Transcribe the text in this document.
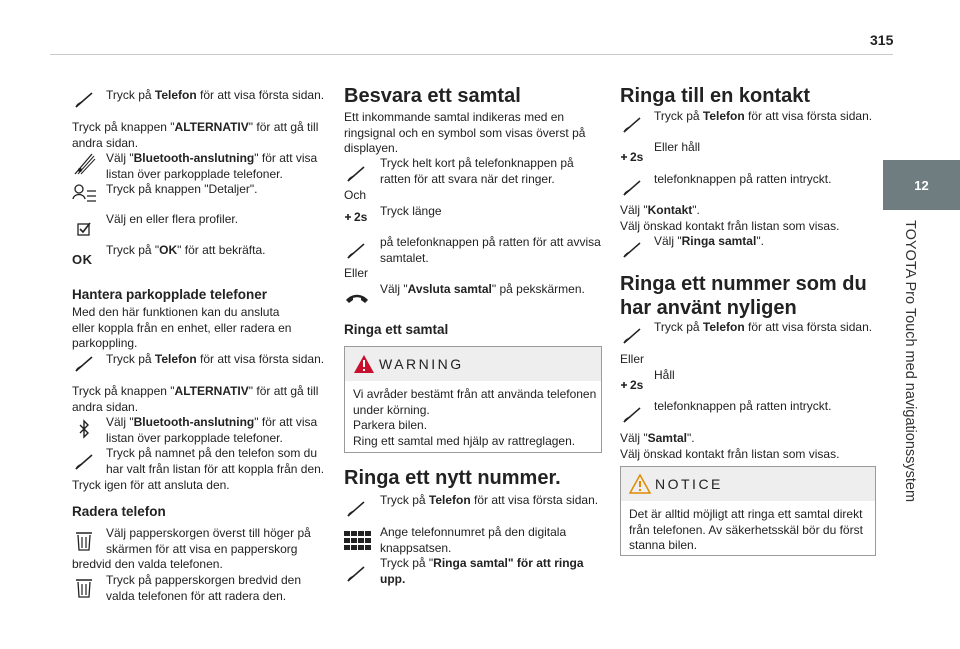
315
12
TOYOTA Pro Touch med navigationssystem
Tryck på Telefon för att visa första sidan.
Tryck på knappen "ALTERNATIV" för att gå till
andra sidan.
Välj "Bluetooth-anslutning" för att visa
listan över parkopplade telefoner.
Tryck på knappen "Detaljer".
Välj en eller flera profiler.
OK
Tryck på "OK" för att bekräfta.
Hantera parkopplade telefoner
Med den här funktionen kan du ansluta
eller koppla från en enhet, eller radera en
parkoppling.
Tryck på Telefon för att visa första sidan.
Tryck på knappen "ALTERNATIV" för att gå till
andra sidan.
Välj "Bluetooth-anslutning" för att visa
listan över parkopplade telefoner.
Tryck på namnet på den telefon som du
har valt från listan för att koppla från den.
Tryck igen för att ansluta den.
Radera telefon
Välj papperskorgen överst till höger på
skärmen för att visa en papperskorg
bredvid den valda telefonen.
Tryck på papperskorgen bredvid den
valda telefonen för att radera den.
Besvara ett samtal
Ett inkommande samtal indikeras med en
ringsignal och en symbol som visas överst på
displayen.
Tryck helt kort på telefonknappen på
ratten för att svara när det ringer.
Och
2s Tryck länge
på telefonknappen på ratten för att avvisa
samtalet.
Eller
Välj "Avsluta samtal" på pekskärmen.
Ringa ett samtal
WARNING
Vi avråder bestämt från att använda telefonen
under körning.
Parkera bilen.
Ring ett samtal med hjälp av rattreglagen.
Ringa ett nytt nummer.
Tryck på Telefon för att visa första sidan.
Ange telefonnumret på den digitala
knappsatsen.
Tryck på "Ringa samtal" för att ringa
upp.
Ringa till en kontakt
Tryck på Telefon för att visa första sidan.
2s
Eller håll
telefonknappen på ratten intryckt.
Välj "Kontakt".
Välj önskad kontakt från listan som visas.
Välj "Ringa samtal".
Ringa ett nummer som du
har använt nyligen
Tryck på Telefon för att visa första sidan.
Eller
2s
Håll
telefonknappen på ratten intryckt.
Välj "Samtal".
Välj önskad kontakt från listan som visas.
NOTICE
Det är alltid möjligt att ringa ett samtal direkt
från telefonen. Av säkerhetsskäl bör du först
stanna bilen.
